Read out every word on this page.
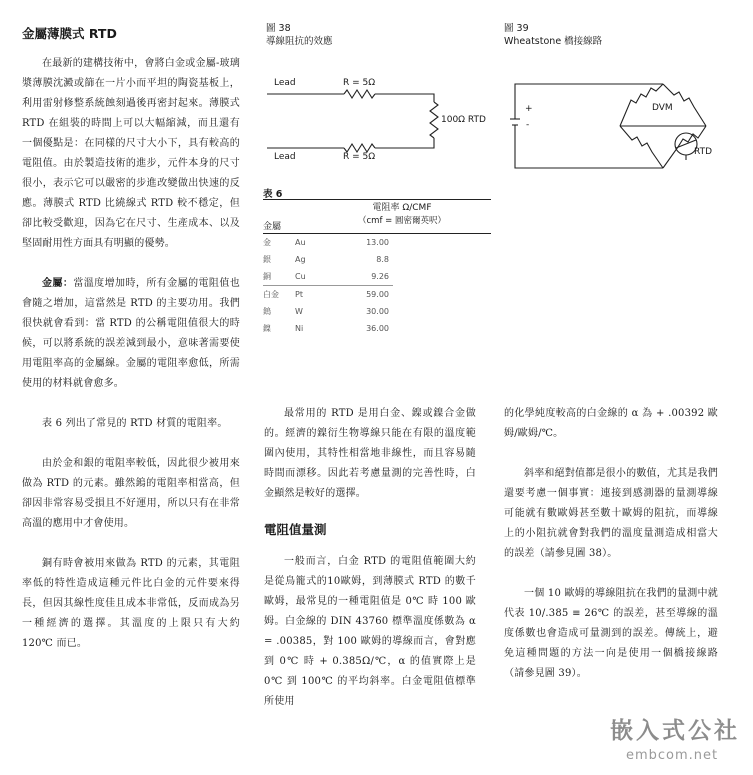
金屬薄膜式 RTD

在最新的建構技術中，會將白金或金屬-玻璃漿薄膜沈澱或篩在一片小而平坦的陶瓷基板上，利用雷射修整系統蝕刻過後再密封起來。薄膜式 RTD 在組裝的時間上可以大幅縮減，而且還有一個優點是：在同樣的尺寸大小下，具有較高的電阻值。由於製造技術的進步，元件本身的尺寸很小，表示它可以嚴密的步進改變做出快速的反應。薄膜式 RTD 比繞線式 RTD 較不穩定，但卻比較受歡迎，因為它在尺寸、生產成本、以及堅固耐用性方面具有明顯的優勢。

金屬：當溫度增加時，所有金屬的電阻值也會隨之增加，這當然是 RTD 的主要功用。我們很快就會看到：當 RTD 的公稱電阻值很大的時候，可以將系統的誤差減到最小，意味著需要使用電阻率高的金屬線。金屬的電阻率愈低，所需使用的材料就會愈多。

表 6 列出了常見的 RTD 材質的電阻率。

由於金和銀的電阻率較低，因此很少被用來做為 RTD 的元素。雖然鎢的電阻率相當高，但卻因非常容易受損且不好運用，所以只有在非常高溫的應用中才會使用。

銅有時會被用來做為 RTD 的元素，其電阻率低的特性造成這種元件比白金的元件要來得長，但因其線性度佳且成本非常低，反而成為另一種經濟的選擇。其溫度的上限只有大約 120℃ 而已。

圖 38
導線阻抗的效應
Lead	R = 5Ω
100Ω RTD
Lead	R = 5Ω
圖 39
Wheatstone 橋接線路
+
-
DVM
RTD
表 6
電阻率 Ω/CMF
（cmf = 圓密爾英呎）
金屬
金	Au	13.00
銀	Ag	8.8
銅	Cu	9.26
白金	Pt	59.00
鎢	W	30.00
鎳	Ni	36.00

最常用的 RTD 是用白金、鎳或鎳合金做的。經濟的鎳衍生物導線只能在有限的溫度範圍內使用，其特性相當地非線性，而且容易隨時間而漂移。因此若考慮量測的完善性時，白金顯然是較好的選擇。

電阻值量測

一般而言，白金 RTD 的電阻值範圍大約是從鳥籠式的10歐姆，到薄膜式 RTD 的數千歐姆，最常見的一種電阻值是 0℃ 時 100 歐姆。白金線的 DIN 43760 標準溫度係數為 α = .00385，對 100 歐姆的導線而言，會對應到 0℃ 時 + 0.385Ω/℃，α 的值實際上是 0℃ 到 100℃ 的平均斜率。白金電阻值標準所使用

的化學純度較高的白金線的 α 為 + .00392 歐姆/歐姆/℃。

斜率和絕對值都是很小的數值，尤其是我們還要考慮一個事實：連接到感測器的量測導線可能就有數歐姆甚至數十歐姆的阻抗，而導線上的小阻抗就會對我們的溫度量測造成相當大的誤差（請參見圖 38）。

一個 10 歐姆的導線阻抗在我們的量測中就代表 10/.385 ≡ 26℃ 的誤差，甚至導線的溫度係數也會造成可量測到的誤差。傳統上，避免這種問題的方法一向是使用一個橋接線路（請參見圖 39）。

嵌入式公社
embcom.net
